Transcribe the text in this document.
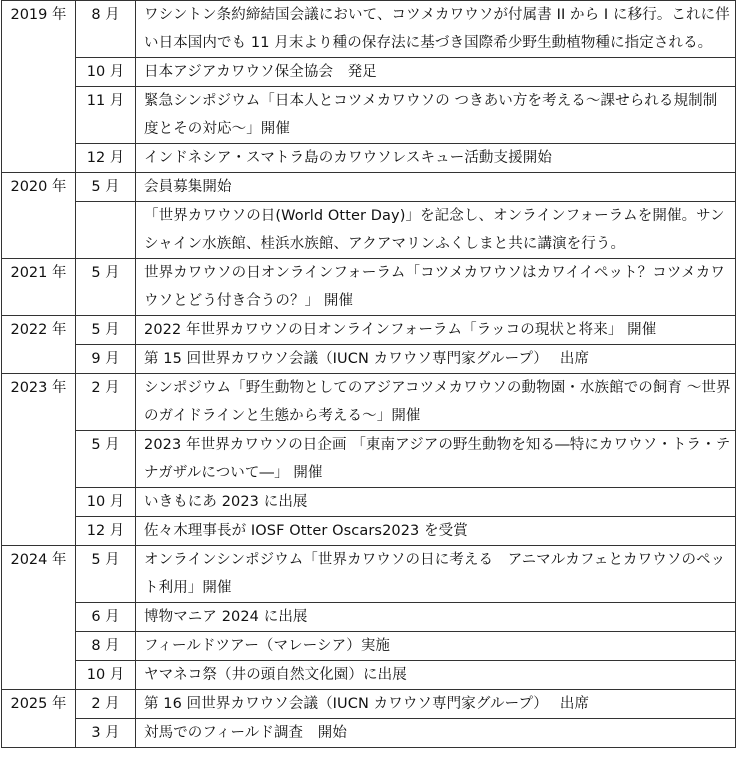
2019 年	8 月	ワシントン条約締結国会議において、コツメカワウソが付属書 II から I に移行。これに伴い日本国内でも 11 月末より種の保存法に基づき国際希少野生動植物種に指定される。
	10 月	日本アジアカワウソ保全協会　発足
	11 月	緊急シンポジウム「日本人とコツメカワウソの つきあい方を考える～課せられる規制制度とその対応～」開催
	12 月	インドネシア・スマトラ島のカワウソレスキュー活動支援開始
2020 年	5 月	会員募集開始
		「世界カワウソの日(World Otter Day)」を記念し、オンラインフォーラムを開催。サンシャイン水族館、桂浜水族館、アクアマリンふくしまと共に講演を行う。
2021 年	5 月	世界カワウソの日オンラインフォーラム「コツメカワウソはカワイイペット？コツメカワウソとどう付き合うの？」 開催
2022 年	5 月	2022 年世界カワウソの日オンラインフォーラム「ラッコの現状と将来」 開催
	9 月	第 15 回世界カワウソ会議（IUCN カワウソ専門家グループ）　 出席
2023 年	2 月	シンポジウム「野生動物としてのアジアコツメカワウソの動物園・水族館での飼育 ～世界のガイドラインと生態から考える～」開催
	5 月	2023 年世界カワウソの日企画 「東南アジアの野生動物を知る―特にカワウソ・トラ・テナガザルについて―」 開催
	10 月	いきもにあ 2023 に出展
	12 月	佐々木理事長が IOSF Otter Oscars2023 を受賞
2024 年	5 月	オンラインシンポジウム「世界カワウソの日に考える　アニマルカフェとカワウソのペット利用」開催
	6 月	博物マニア 2024 に出展
	8 月	フィールドツアー（マレーシア）実施
	10 月	ヤマネコ祭（井の頭自然文化園）に出展
2025 年	2 月	第 16 回世界カワウソ会議（IUCN カワウソ専門家グループ）　 出席
	3 月	対馬でのフィールド調査　開始
